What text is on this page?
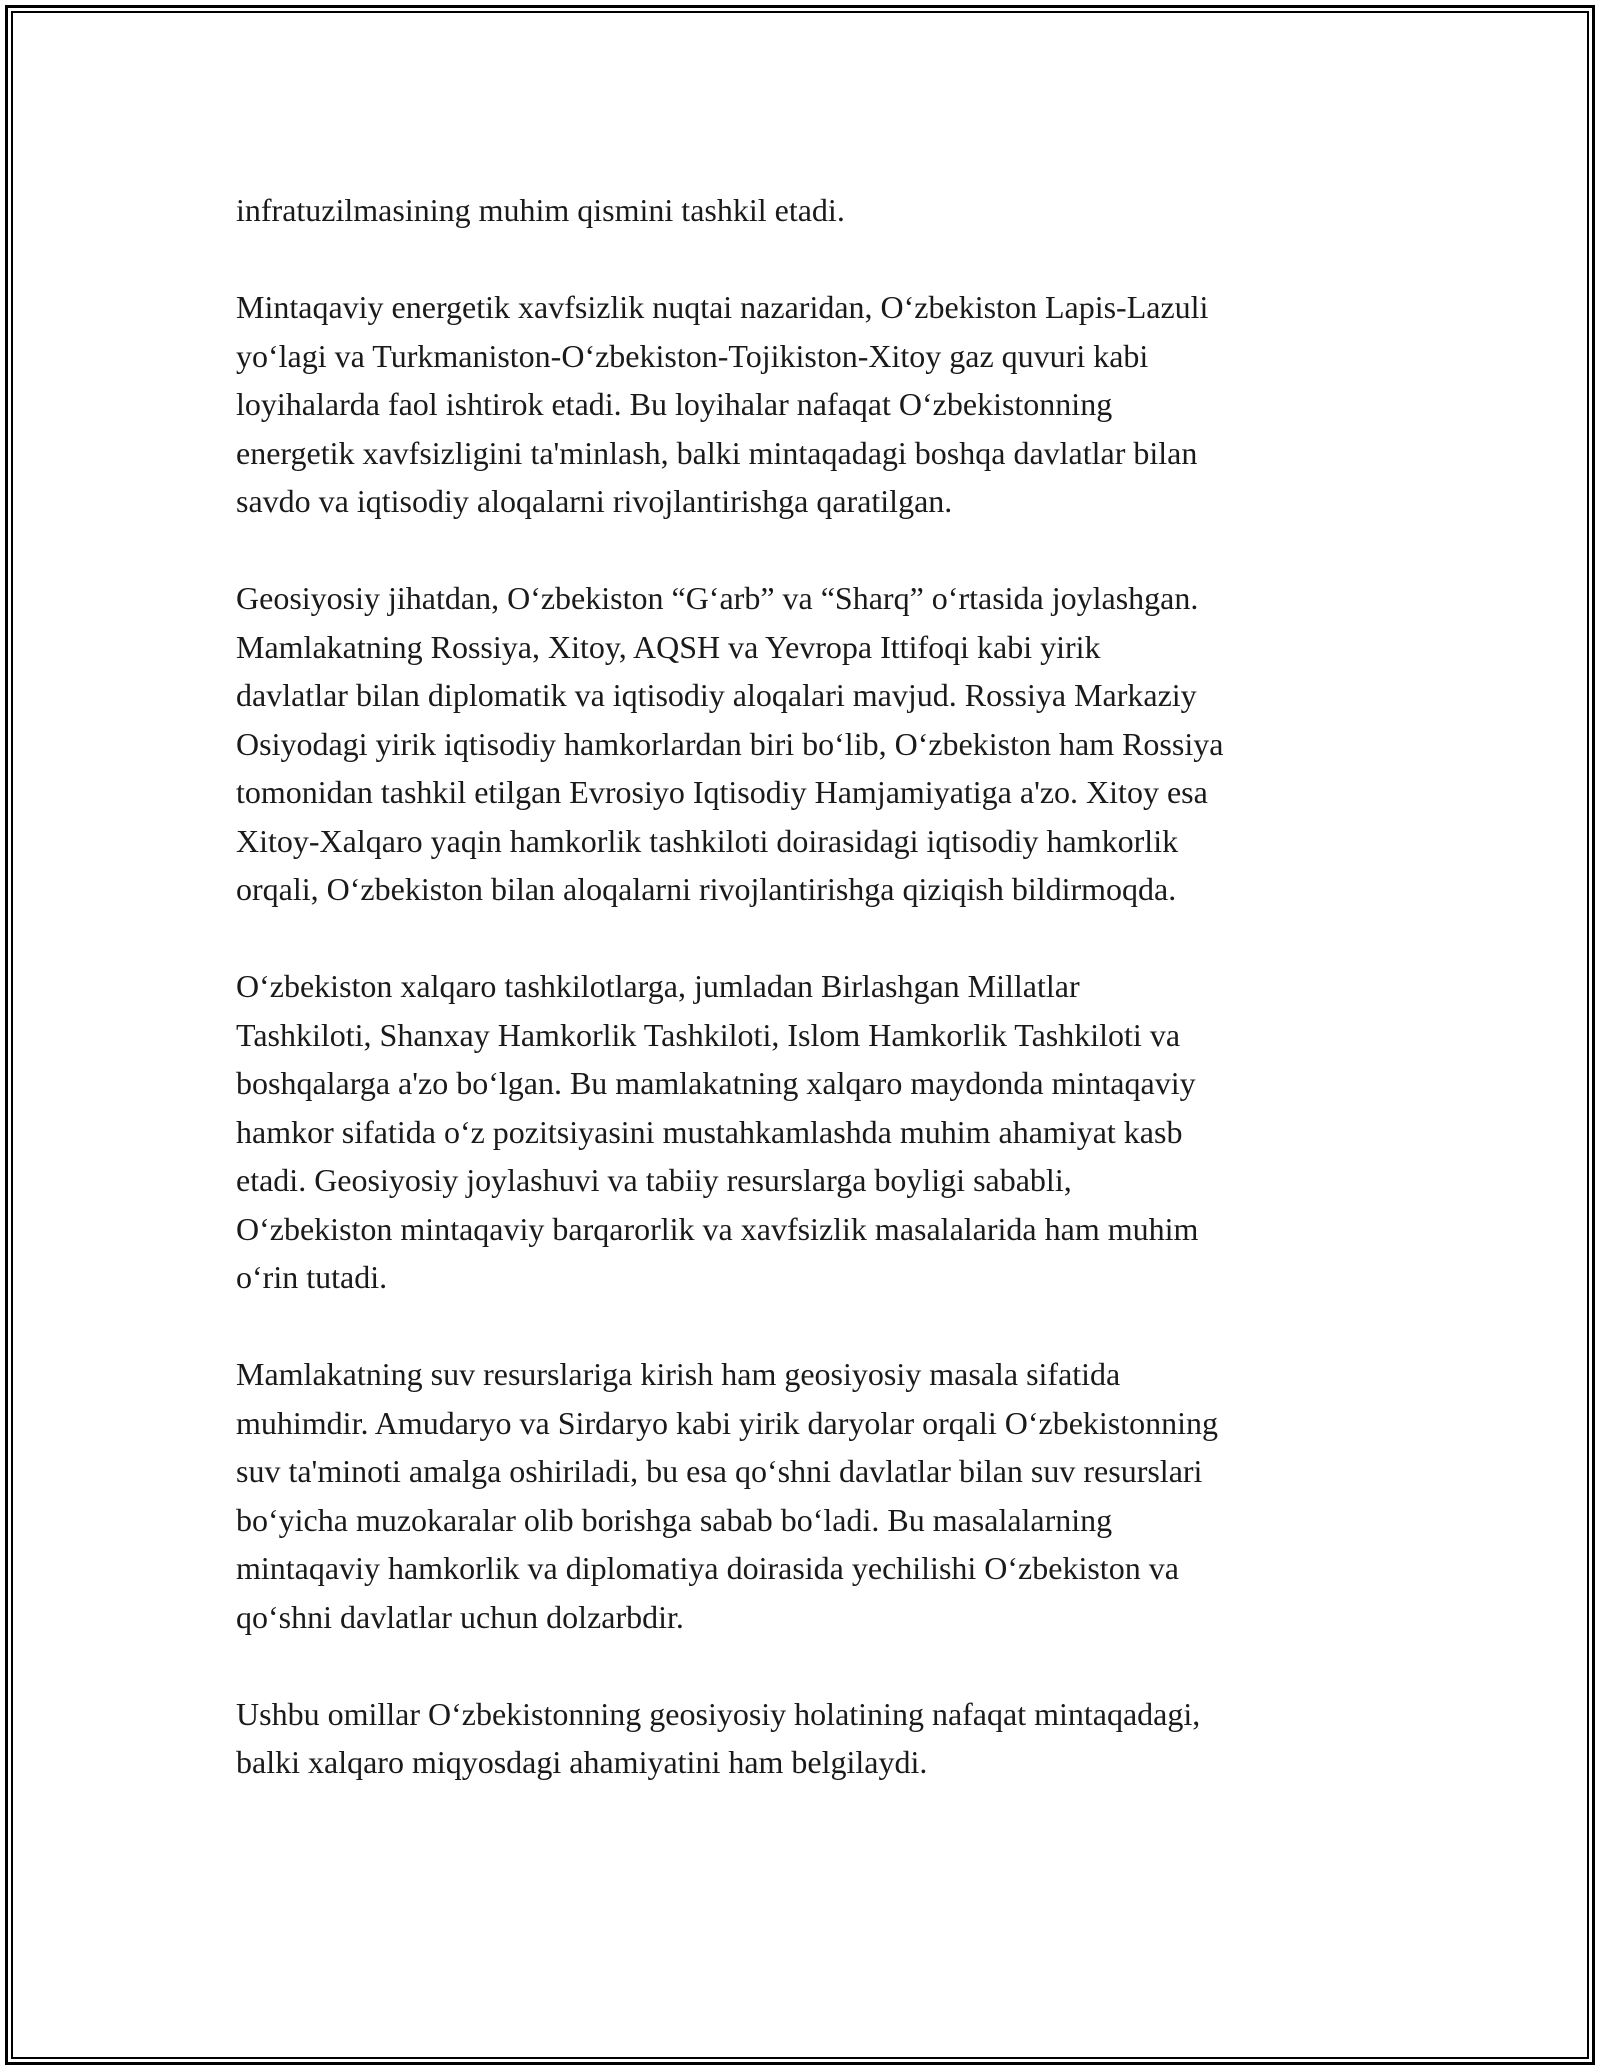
infratuzilmasining muhim qismini tashkil etadi.

Mintaqaviy energetik xavfsizlik nuqtai nazaridan, O‘zbekiston Lapis-Lazuli
yo‘lagi va Turkmaniston-O‘zbekiston-Tojikiston-Xitoy gaz quvuri kabi
loyihalarda faol ishtirok etadi. Bu loyihalar nafaqat O‘zbekistonning
energetik xavfsizligini ta'minlash, balki mintaqadagi boshqa davlatlar bilan
savdo va iqtisodiy aloqalarni rivojlantirishga qaratilgan.

Geosiyosiy jihatdan, O‘zbekiston “G‘arb” va “Sharq” o‘rtasida joylashgan.
Mamlakatning Rossiya, Xitoy, AQSH va Yevropa Ittifoqi kabi yirik
davlatlar bilan diplomatik va iqtisodiy aloqalari mavjud. Rossiya Markaziy
Osiyodagi yirik iqtisodiy hamkorlardan biri bo‘lib, O‘zbekiston ham Rossiya
tomonidan tashkil etilgan Evrosiyo Iqtisodiy Hamjamiyatiga a'zo. Xitoy esa
Xitoy-Xalqaro yaqin hamkorlik tashkiloti doirasidagi iqtisodiy hamkorlik
orqali, O‘zbekiston bilan aloqalarni rivojlantirishga qiziqish bildirmoqda.

O‘zbekiston xalqaro tashkilotlarga, jumladan Birlashgan Millatlar
Tashkiloti, Shanxay Hamkorlik Tashkiloti, Islom Hamkorlik Tashkiloti va
boshqalarga a'zo bo‘lgan. Bu mamlakatning xalqaro maydonda mintaqaviy
hamkor sifatida o‘z pozitsiyasini mustahkamlashda muhim ahamiyat kasb
etadi. Geosiyosiy joylashuvi va tabiiy resurslarga boyligi sababli,
O‘zbekiston mintaqaviy barqarorlik va xavfsizlik masalalarida ham muhim
o‘rin tutadi.

Mamlakatning suv resurslariga kirish ham geosiyosiy masala sifatida
muhimdir. Amudaryo va Sirdaryo kabi yirik daryolar orqali O‘zbekistonning
suv ta'minoti amalga oshiriladi, bu esa qo‘shni davlatlar bilan suv resurslari
bo‘yicha muzokaralar olib borishga sabab bo‘ladi. Bu masalalarning
mintaqaviy hamkorlik va diplomatiya doirasida yechilishi O‘zbekiston va
qo‘shni davlatlar uchun dolzarbdir.

Ushbu omillar O‘zbekistonning geosiyosiy holatining nafaqat mintaqadagi,
balki xalqaro miqyosdagi ahamiyatini ham belgilaydi.
